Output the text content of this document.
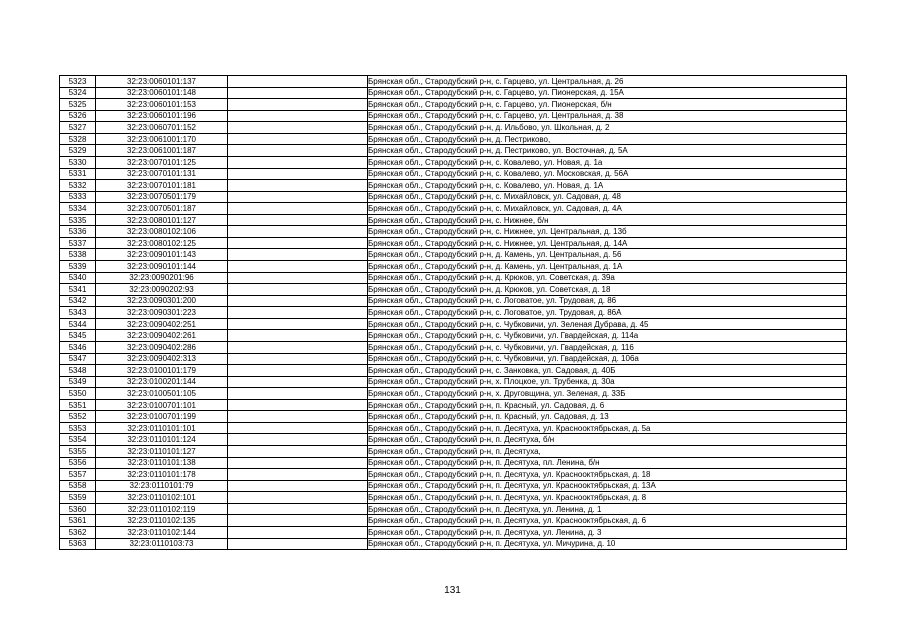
5323	32:23:0060101:137		Брянская обл., Стародубский р-н, с. Гарцево, ул. Центральная, д. 26
5324	32:23:0060101:148		Брянская обл., Стародубский р-н, с. Гарцево, ул. Пионерская, д. 15А
5325	32:23:0060101:153		Брянская обл., Стародубский р-н, с. Гарцево, ул. Пионерская, б/н
5326	32:23:0060101:196		Брянская обл., Стародубский р-н, с. Гарцево, ул. Центральная, д. 38
5327	32:23:0060701:152		Брянская обл., Стародубский р-н, д. Ильбово, ул. Школьная, д. 2
5328	32:23:0061001:170		Брянская обл., Стародубский р-н, д. Пестриково,
5329	32:23:0061001:187		Брянская обл., Стародубский р-н, д. Пестриково, ул. Восточная, д. 5А
5330	32:23:0070101:125		Брянская обл., Стародубский р-н, с. Ковалево, ул. Новая, д. 1а
5331	32:23:0070101:131		Брянская обл., Стародубский р-н, с. Ковалево, ул. Московская, д. 56А
5332	32:23:0070101:181		Брянская обл., Стародубский р-н, с. Ковалево, ул. Новая, д. 1А
5333	32:23:0070501:179		Брянская обл., Стародубский р-н, с. Михайловск, ул. Садовая, д. 48
5334	32:23:0070501:187		Брянская обл., Стародубский р-н, с. Михайловск, ул. Садовая, д. 4А
5335	32:23:0080101:127		Брянская обл., Стародубский р-н, с. Нижнее, б/н
5336	32:23:0080102:106		Брянская обл., Стародубский р-н, с. Нижнее, ул. Центральная, д. 13б
5337	32:23:0080102:125		Брянская обл., Стародубский р-н, с. Нижнее, ул. Центральная, д. 14А
5338	32:23:0090101:143		Брянская обл., Стародубский р-н, д. Камень, ул. Центральная, д. 56
5339	32:23:0090101:144		Брянская обл., Стародубский р-н, д. Камень, ул. Центральная, д. 1А
5340	32:23:0090201:96		Брянская обл., Стародубский р-н, д. Крюков, ул. Советская, д. 39а
5341	32:23:0090202:93		Брянская обл., Стародубский р-н, д. Крюков, ул. Советская, д. 18
5342	32:23:0090301:200		Брянская обл., Стародубский р-н, с. Логоватое, ул. Трудовая, д. 86
5343	32:23:0090301:223		Брянская обл., Стародубский р-н, с. Логоватое, ул. Трудовая, д. 86А
5344	32:23:0090402:251		Брянская обл., Стародубский р-н, с. Чубковичи, ул. Зеленая Дубрава, д. 45
5345	32:23:0090402:261		Брянская обл., Стародубский р-н, с. Чубковичи, ул. Гвардейская, д. 114а
5346	32:23:0090402:286		Брянская обл., Стародубский р-н, с. Чубковичи, ул. Гвардейская, д. 116
5347	32:23:0090402:313		Брянская обл., Стародубский р-н, с. Чубковичи, ул. Гвардейская, д. 106а
5348	32:23:0100101:179		Брянская обл., Стародубский р-н, с. Занковка, ул. Садовая, д. 40Б
5349	32:23:0100201:144		Брянская обл., Стародубский р-н, х. Плоцкое, ул. Трубенка, д. 30а
5350	32:23:0100501:105		Брянская обл., Стародубский р-н, х. Друговщина, ул. Зеленая, д. 33Б
5351	32:23:0100701:101		Брянская обл., Стародубский р-н, п. Красный, ул. Садовая, д. 6
5352	32:23:0100701:199		Брянская обл., Стародубский р-н, п. Красный, ул. Садовая, д. 13
5353	32:23:0110101:101		Брянская обл., Стародубский р-н, п. Десятуха, ул. Краснооктябрьская, д. 5а
5354	32:23:0110101:124		Брянская обл., Стародубский р-н, п. Десятуха, б/н
5355	32:23:0110101:127		Брянская обл., Стародубский р-н, п. Десятуха,
5356	32:23:0110101:138		Брянская обл., Стародубский р-н, п. Десятуха, пл. Ленина, б/н
5357	32:23:0110101:178		Брянская обл., Стародубский р-н, п. Десятуха, ул. Краснооктябрьская, д. 18
5358	32:23:0110101:79		Брянская обл., Стародубский р-н, п. Десятуха, ул. Краснооктябрьская, д. 13А
5359	32:23:0110102:101		Брянская обл., Стародубский р-н, п. Десятуха, ул. Краснооктябрьская, д. 8
5360	32:23:0110102:119		Брянская обл., Стародубский р-н, п. Десятуха, ул. Ленина, д. 1
5361	32:23:0110102:135		Брянская обл., Стародубский р-н, п. Десятуха, ул. Краснооктябрьская, д. 6
5362	32:23:0110102:144		Брянская обл., Стародубский р-н, п. Десятуха, ул. Ленина, д. 3
5363	32:23:0110103:73		Брянская обл., Стародубский р-н, п. Десятуха, ул. Мичурина, д. 10
131
